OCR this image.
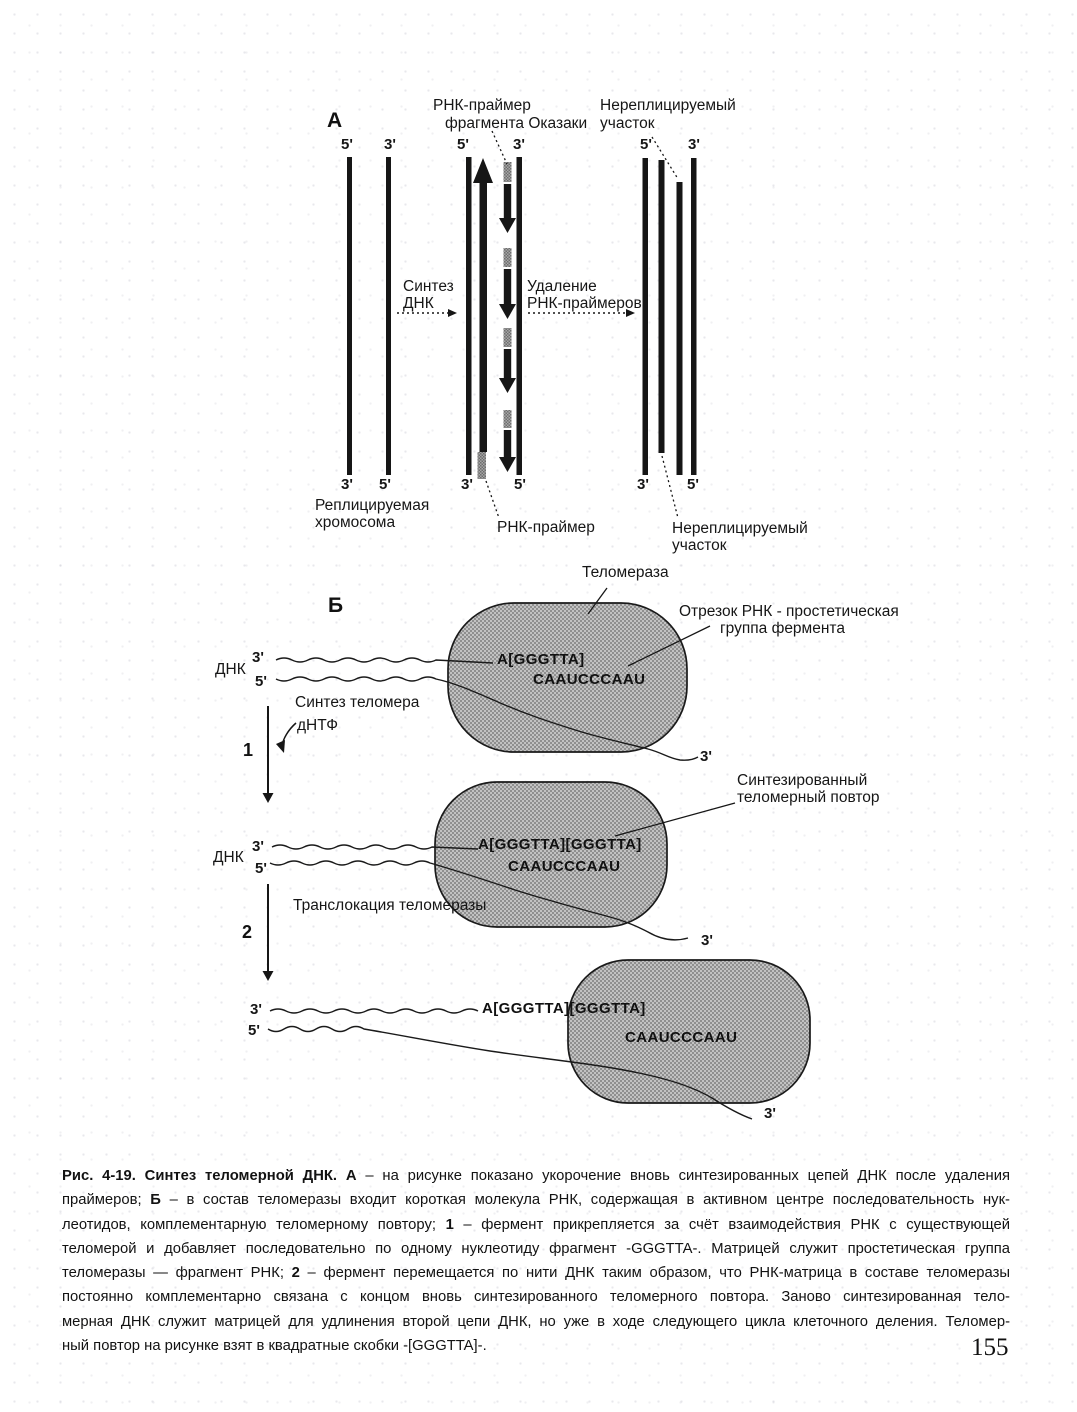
А
РНК-праймер
фрагмента Оказаки
Нереплицируемый
участок
5' 3'	5'	3'	5' 3'
3' 5'	3'	5'	3'	5'
Синтез
ДНК
Удаление
РНК-праймеров
Реплицируемая
хромосома	РНК-праймер	Нереплицируемый
участок
Б
Теломераза
Отрезок РНК - простетическая
группа фермента
ДНК
3'
5'
A[GGGTTA]
CAAUCCCAAU
Синтез теломера
дНТФ
1	3'
Синтезированный
теломерный повтор
ДНК
3'
5'
A[GGGTTA][GGGTTA]
CAAUCCCAAU
Транслокация теломеразы
2	3'
3'
5'
A[GGGTTA][GGGTTA]
CAAUCCCAAU
3'
Рис. 4-19. Синтез теломерной ДНК. А – на рисунке показано укорочение вновь синтезированных цепей ДНК после удаления
праймеров; Б – в состав теломеразы входит короткая молекула РНК, содержащая в активном центре последовательность нук-
леотидов, комплементарную теломерному повтору; 1 – фермент прикрепляется за счёт взаимодействия РНК с существующей
теломерой и добавляет последовательно по одному нуклеотиду фрагмент -GGGTTA-. Матрицей служит простетическая группа
теломеразы — фрагмент РНК; 2 – фермент перемещается по нити ДНК таким образом, что РНК-матрица в составе теломеразы
постоянно комплементарно связана с концом вновь синтезированного теломерного повтора. Заново синтезированная тело-
мерная ДНК служит матрицей для удлинения второй цепи ДНК, но уже в ходе следующего цикла клеточного деления. Теломер-
ный повтор на рисунке взят в квадратные скобки -[GGGTTA]-.	155
